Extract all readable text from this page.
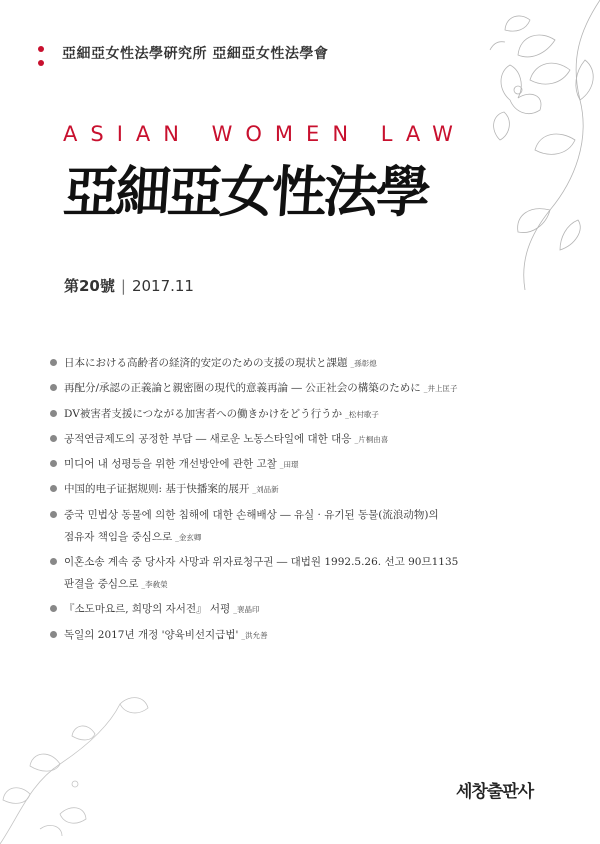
亞細亞女性法學硏究所 亞細亞女性法學會
ASIAN WOMEN LAW
亞細亞女性法學
第20號 | 2017.11
日本における高齢者の経済的安定のための支援の現状と課題 _孫彰熄
再配分/承認の正義論と親密圏の現代的意義再論 ― 公正社会の構築のために _井上匡子
DV被害者支援につながる加害者への働きかけをどう行うか _松村歌子
공적연금제도의 공정한 부담 ― 새로운 노동스타일에 대한 대응 _片桐由喜
미디어 내 성평등을 위한 개선방안에 관한 고찰 _田璟
中国的电子证据规则: 基于快播案的展开 _刘品新
중국 민법상 동물에 의한 침해에 대한 손해배상 ― 유실 · 유기된 동물(流浪动物)의
점유자 책임을 중심으로 _金玄卿
이혼소송 계속 중 당사자 사망과 위자료청구권 ― 대법원 1992.5.26. 선고 90므1135
판결을 중심으로 _李敎榮
『소도마요르, 희망의 자서전』 서평 _裵晶印
독일의 2017년 개정 '양육비선지급법' _洪允善
세창출판사
